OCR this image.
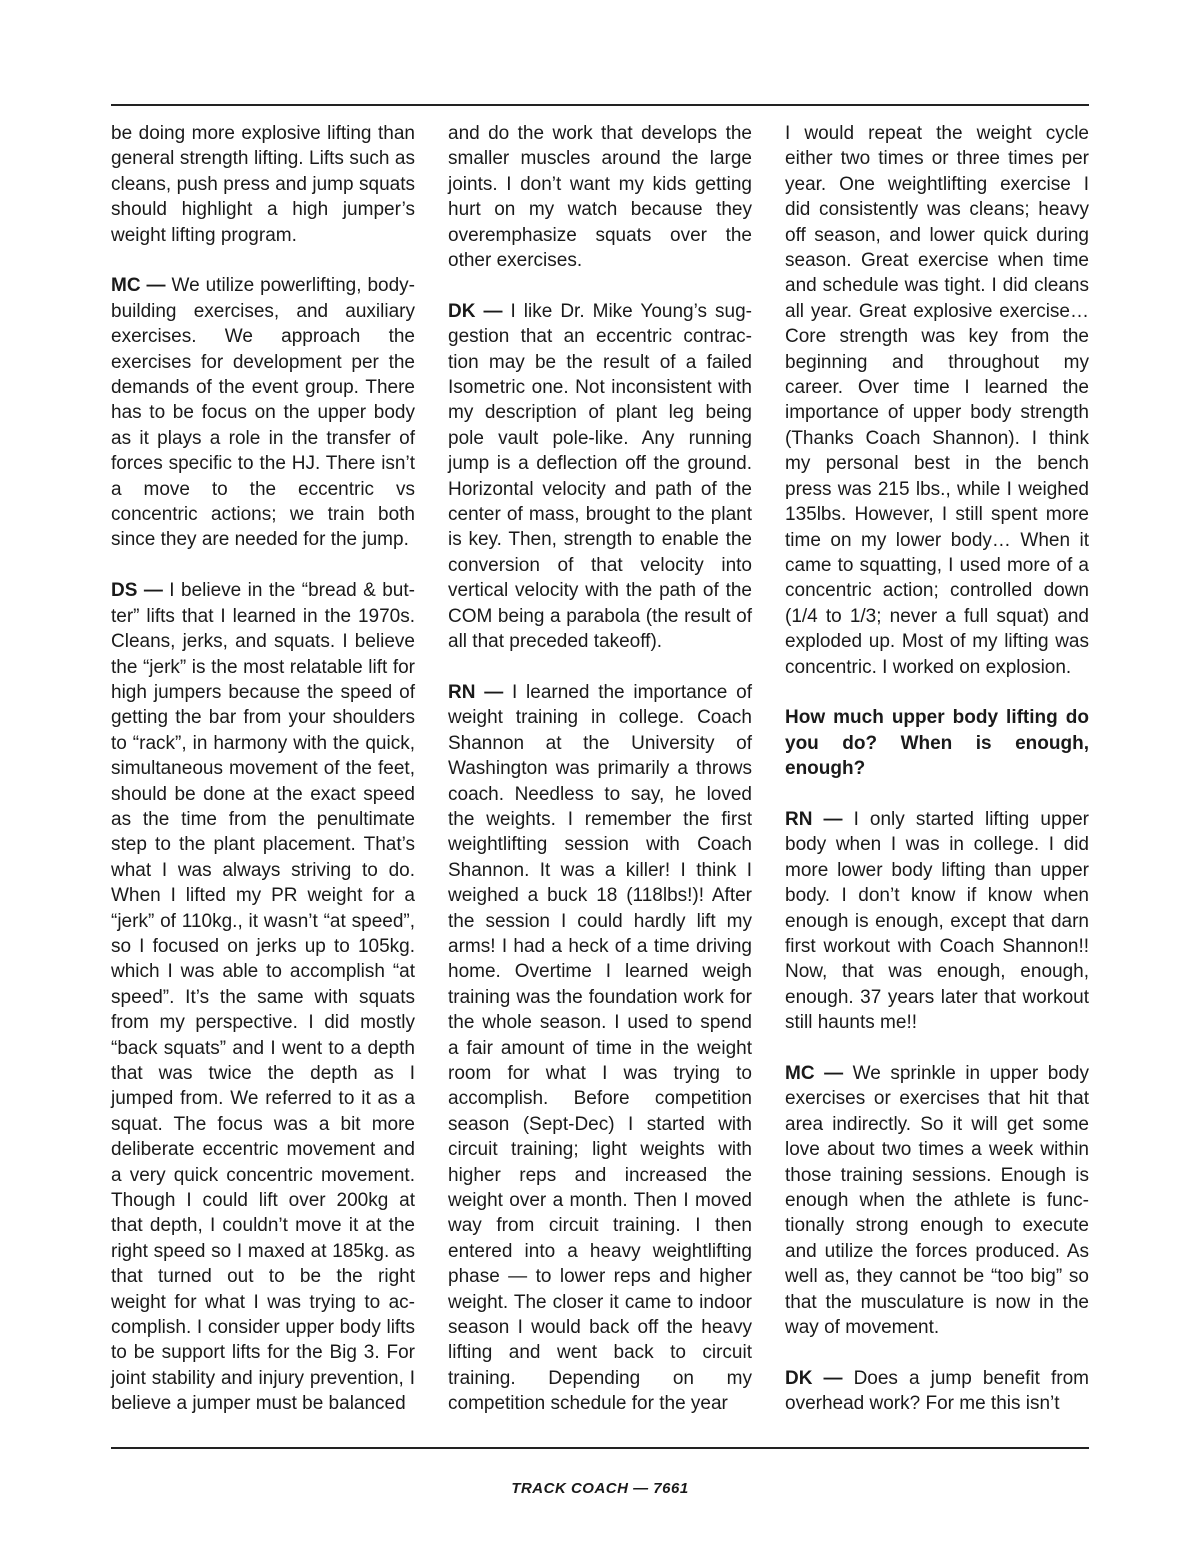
be doing more explosive lifting than general strength lifting. Lifts such as cleans, push press and jump squats should highlight a high jumper’s weight lifting program.

MC — We utilize powerlifting, body-building exercises, and auxiliary exercises. We approach the exercises for development per the demands of the event group. There has to be focus on the upper body as it plays a role in the transfer of forces specific to the HJ. There isn’t a move to the eccentric vs concentric actions; we train both since they are needed for the jump.

DS — I believe in the “bread & butter” lifts that I learned in the 1970s. Cleans, jerks, and squats. I believe the “jerk” is the most relatable lift for high jumpers because the speed of getting the bar from your shoulders to “rack”, in harmony with the quick, simultaneous movement of the feet, should be done at the exact speed as the time from the penultimate step to the plant placement. That’s what I was always striving to do. When I lifted my PR weight for a “jerk” of 110kg., it wasn’t “at speed”, so I focused on jerks up to 105kg. which I was able to accomplish “at speed”. It’s the same with squats from my perspective. I did mostly “back squats” and I went to a depth that was twice the depth as I jumped from. We referred to it as a squat. The focus was a bit more deliberate eccentric movement and a very quick concentric movement. Though I could lift over 200kg at that depth, I couldn’t move it at the right speed so I maxed at 185kg. as that turned out to be the right weight for what I was trying to accomplish. I consider upper body lifts to be support lifts for the Big 3. For joint stability and injury prevention, I believe a jumper must be balanced

and do the work that develops the smaller muscles around the large joints. I don’t want my kids getting hurt on my watch because they overemphasize squats over the other exercises.

DK — I like Dr. Mike Young’s suggestion that an eccentric contraction may be the result of a failed Isometric one. Not inconsistent with my description of plant leg being pole vault pole-like. Any running jump is a deflection off the ground. Horizontal velocity and path of the center of mass, brought to the plant is key. Then, strength to enable the conversion of that velocity into vertical velocity with the path of the COM being a parabola (the result of all that preceded takeoff).

RN — I learned the importance of weight training in college. Coach Shannon at the University of Washington was primarily a throws coach. Needless to say, he loved the weights. I remember the first weightlifting session with Coach Shannon. It was a killer! I think I weighed a buck 18 (118lbs!)! After the session I could hardly lift my arms! I had a heck of a time driving home. Overtime I learned weigh training was the foundation work for the whole season. I used to spend a fair amount of time in the weight room for what I was trying to accomplish. Before competition season (Sept-Dec) I started with circuit training; light weights with higher reps and increased the weight over a month. Then I moved way from circuit training. I then entered into a heavy weightlifting phase — to lower reps and higher weight. The closer it came to indoor season I would back off the heavy lifting and went back to circuit training. Depending on my competition schedule for the year

I would repeat the weight cycle either two times or three times per year. One weightlifting exercise I did consistently was cleans; heavy off season, and lower quick during season. Great exercise when time and schedule was tight. I did cleans all year. Great explosive exercise… Core strength was key from the beginning and throughout my career. Over time I learned the importance of upper body strength (Thanks Coach Shannon). I think my personal best in the bench press was 215 lbs., while I weighed 135lbs. However, I still spent more time on my lower body… When it came to squatting, I used more of a concentric action; controlled down (1/4 to 1/3; never a full squat) and exploded up. Most of my lifting was concentric. I worked on explosion.

How much upper body lifting do you do? When is enough, enough?

RN — I only started lifting upper body when I was in college. I did more lower body lifting than upper body. I don’t know if know when enough is enough, except that darn first workout with Coach Shannon!! Now, that was enough, enough, enough. 37 years later that workout still haunts me!!

MC — We sprinkle in upper body exercises or exercises that hit that area indirectly. So it will get some love about two times a week within those training sessions. Enough is enough when the athlete is functionally strong enough to execute and utilize the forces produced. As well as, they cannot be “too big” so that the musculature is now in the way of movement.

DK — Does a jump benefit from overhead work? For me this isn’t

TRACK COACH — 7661
